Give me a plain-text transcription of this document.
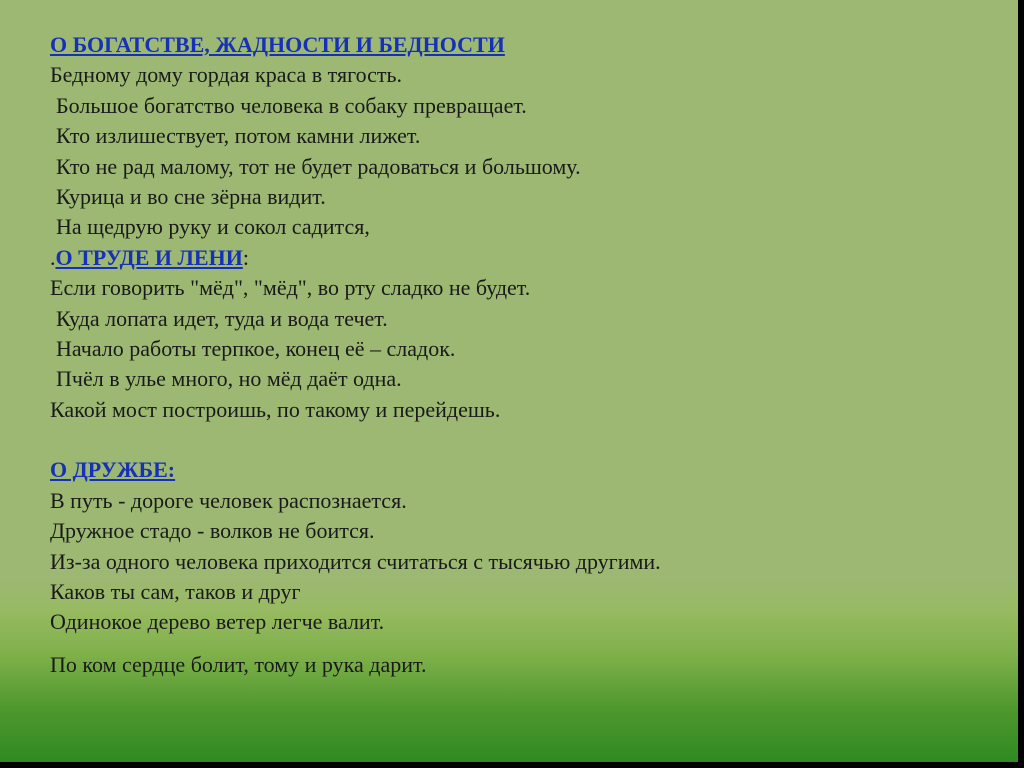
О БОГАТСТВЕ, ЖАДНОСТИ И БЕДНОСТИ
Бедному дому гордая краса в тягость.
Большое богатство человека в собаку превращает.
Кто излишествует, потом камни лижет.
Кто не рад малому, тот не будет радоваться и большому.
Курица и во сне зёрна видит.
На щедрую руку и сокол садится,
.О ТРУДЕ И ЛЕНИ:
Если говорить "мёд", "мёд", во рту сладко не будет.
Куда лопата идет, туда и вода течет.
Начало работы терпкое, конец её – сладок.
Пчёл в улье много, но мёд даёт одна.
Какой мост построишь, по такому и перейдешь.
О ДРУЖБЕ:
В путь - дороге человек распознается.
Дружное стадо - волков не боится.
Из-за одного человека приходится считаться с тысячью другими.
Каков ты сам, таков и друг
Одинокое дерево ветер легче валит.
По ком сердце болит, тому и рука дарит.
